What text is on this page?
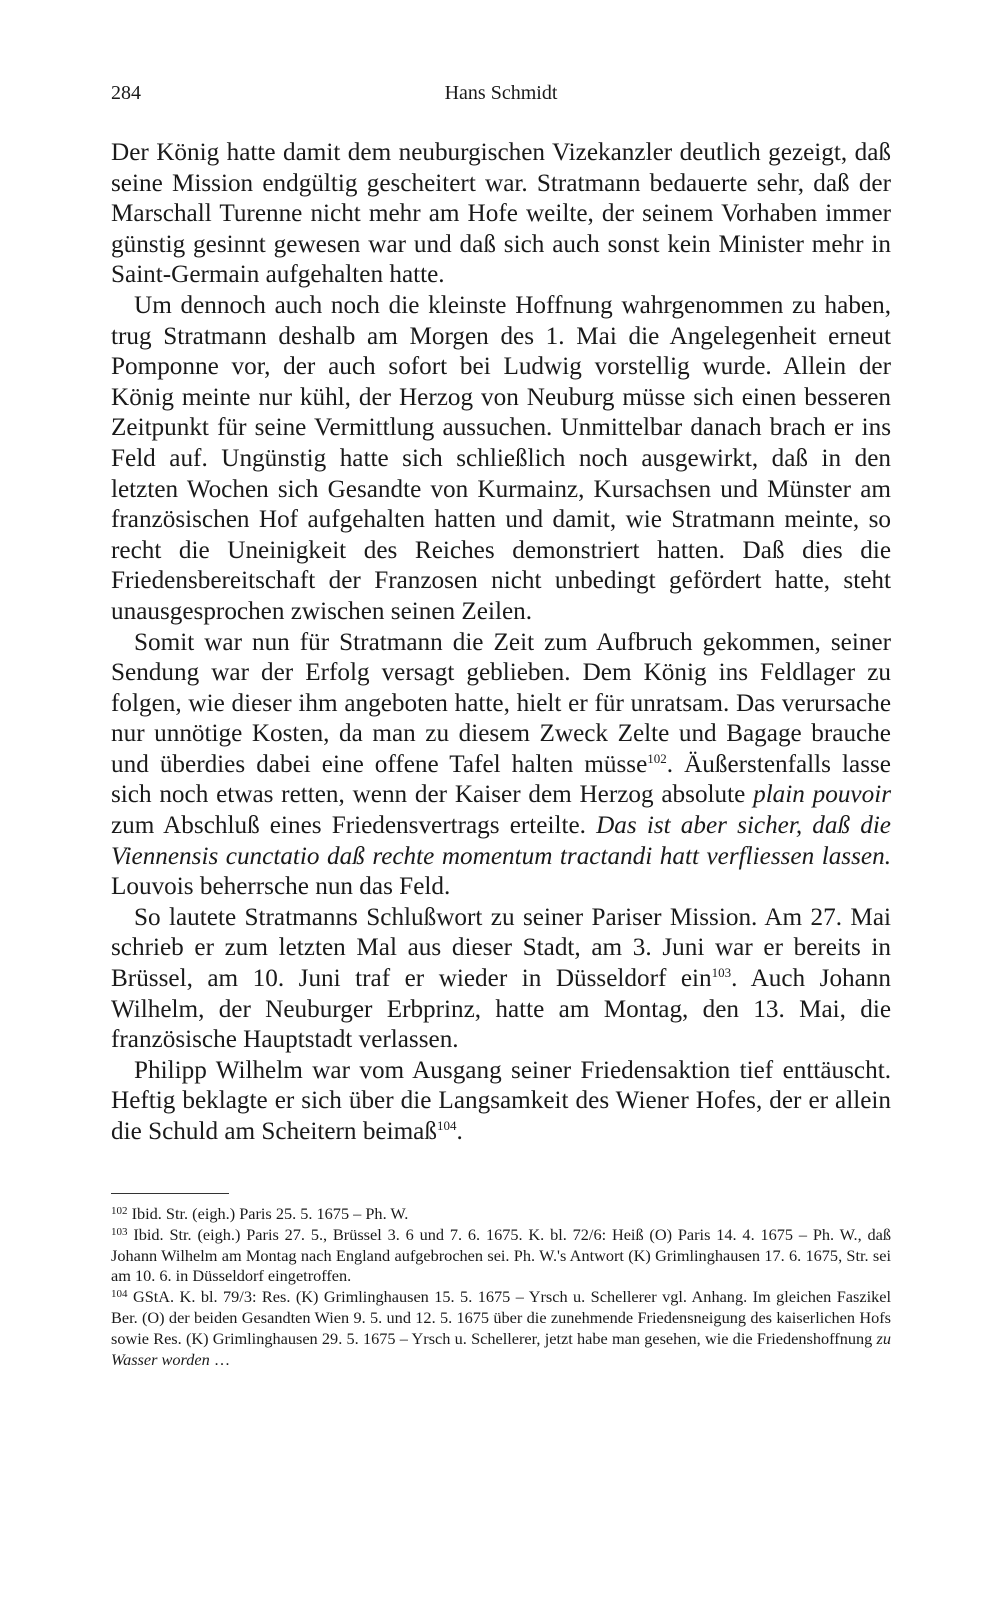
284	Hans Schmidt

Der König hatte damit dem neuburgischen Vizekanzler deutlich gezeigt, daß seine Mission endgültig gescheitert war. Stratmann bedauerte sehr, daß der Marschall Turenne nicht mehr am Hofe weilte, der seinem Vorhaben immer günstig gesinnt gewesen war und daß sich auch sonst kein Minister mehr in Saint-Germain aufgehalten hatte.

Um dennoch auch noch die kleinste Hoffnung wahrgenommen zu haben, trug Stratmann deshalb am Morgen des 1. Mai die Angelegenheit erneut Pomponne vor, der auch sofort bei Ludwig vorstellig wurde. Allein der König meinte nur kühl, der Herzog von Neuburg müsse sich einen besseren Zeitpunkt für seine Vermittlung aussuchen. Unmittelbar danach brach er ins Feld auf. Ungünstig hatte sich schließlich noch ausgewirkt, daß in den letzten Wochen sich Gesandte von Kurmainz, Kursachsen und Münster am französischen Hof aufgehalten hatten und damit, wie Stratmann meinte, so recht die Uneinigkeit des Reiches demonstriert hatten. Daß dies die Friedensbereitschaft der Franzosen nicht unbedingt gefördert hatte, steht unausgesprochen zwischen seinen Zeilen.

Somit war nun für Stratmann die Zeit zum Aufbruch gekommen, seiner Sendung war der Erfolg versagt geblieben. Dem König ins Feldlager zu folgen, wie dieser ihm angeboten hatte, hielt er für unratsam. Das verursache nur unnötige Kosten, da man zu diesem Zweck Zelte und Bagage brauche und überdies dabei eine offene Tafel halten müsse$^{102}$. Äußerstenfalls lasse sich noch etwas retten, wenn der Kaiser dem Herzog absolute plain pouvoir zum Abschluß eines Friedensvertrags erteilte. Das ist aber sicher, daß die Viennensis cunctatio daß rechte momentum tractandi hatt verfliessen lassen. Louvois beherrsche nun das Feld.

So lautete Stratmanns Schlußwort zu seiner Pariser Mission. Am 27. Mai schrieb er zum letzten Mal aus dieser Stadt, am 3. Juni war er bereits in Brüssel, am 10. Juni traf er wieder in Düsseldorf ein$^{103}$. Auch Johann Wilhelm, der Neuburger Erbprinz, hatte am Montag, den 13. Mai, die französische Hauptstadt verlassen.

Philipp Wilhelm war vom Ausgang seiner Friedensaktion tief enttäuscht. Heftig beklagte er sich über die Langsamkeit des Wiener Hofes, der er allein die Schuld am Scheitern beimaß$^{104}$.

$^{102}$ Ibid. Str. (eigh.) Paris 25. 5. 1675 – Ph. W.

$^{103}$ Ibid. Str. (eigh.) Paris 27. 5., Brüssel 3. 6 und 7. 6. 1675. K. bl. 72/6: Heiß (O) Paris 14. 4. 1675 – Ph. W., daß Johann Wilhelm am Montag nach England aufgebrochen sei. Ph. W.'s Antwort (K) Grimlinghausen 17. 6. 1675, Str. sei am 10. 6. in Düsseldorf eingetroffen.

$^{104}$ GStA. K. bl. 79/3: Res. (K) Grimlinghausen 15. 5. 1675 – Yrsch u. Schellerer vgl. Anhang. Im gleichen Faszikel Ber. (O) der beiden Gesandten Wien 9. 5. und 12. 5. 1675 über die zunehmende Friedensneigung des kaiserlichen Hofs sowie Res. (K) Grimlinghausen 29. 5. 1675 – Yrsch u. Schellerer, jetzt habe man gesehen, wie die Friedenshoffnung zu Wasser worden …
